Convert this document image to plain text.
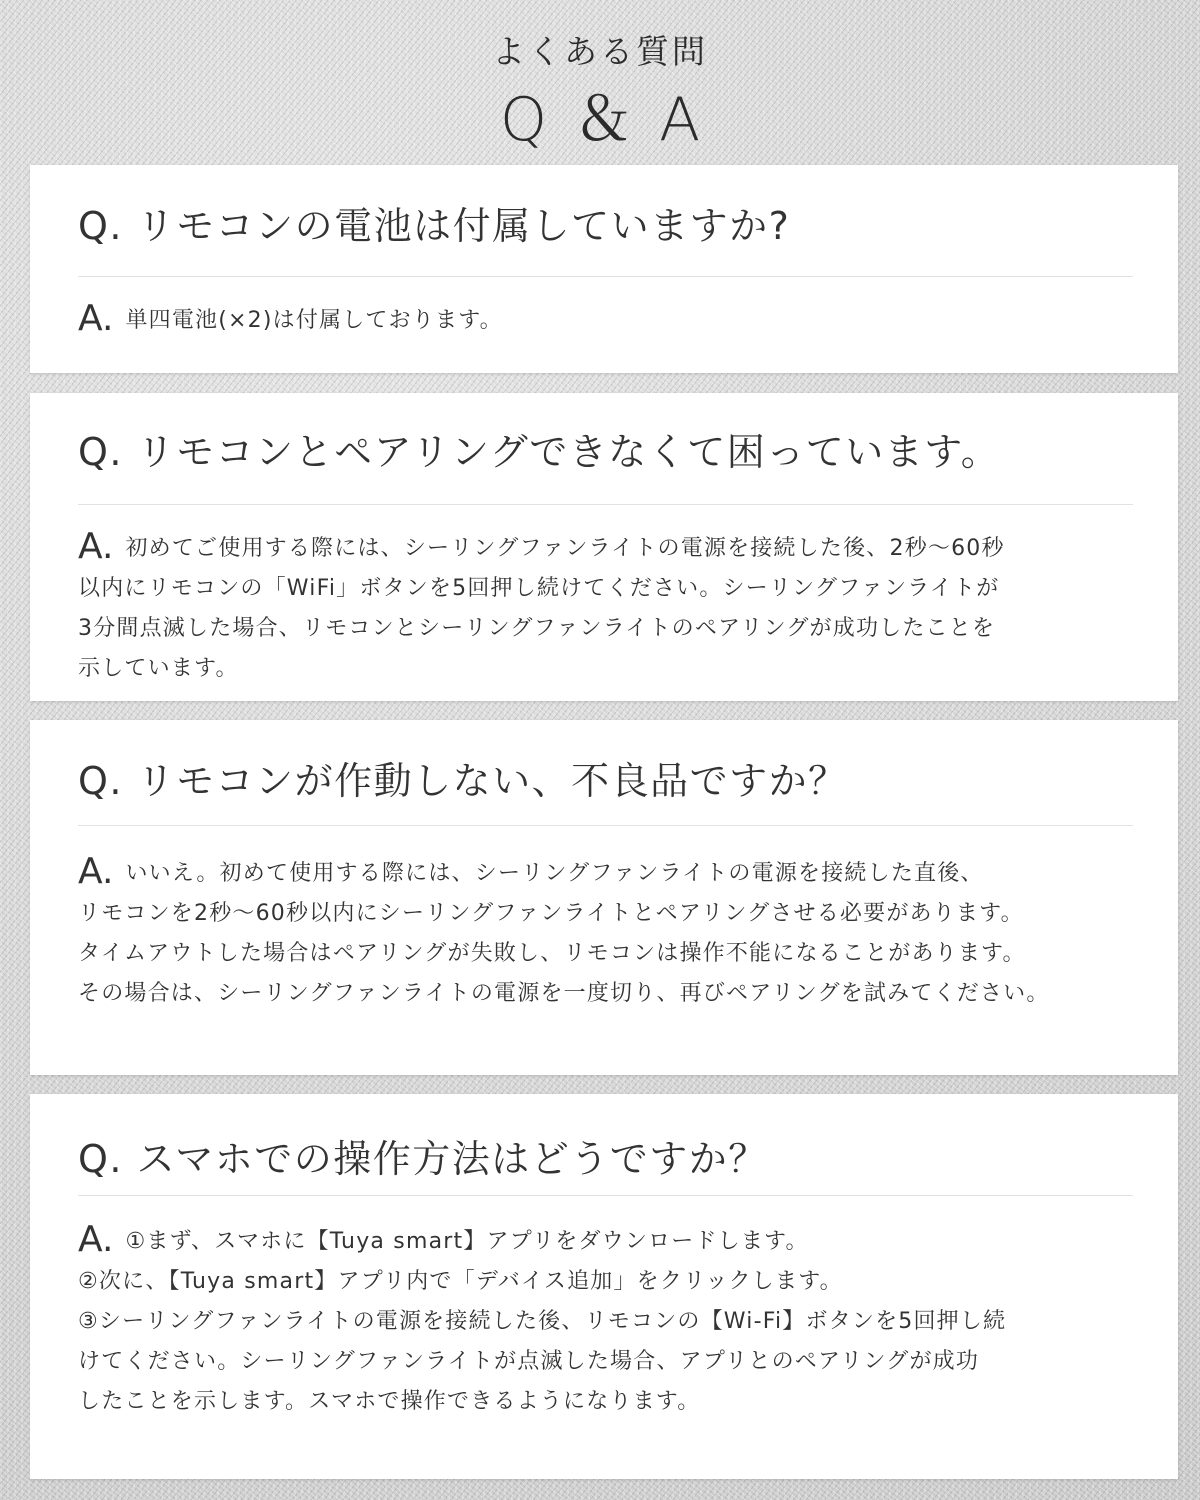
よくある質問
Q＆A
Q. リモコンの電池は付属していますか?
A. 単四電池(×2)は付属しております。
Q. リモコンとペアリングできなくて困っています。
A. 初めてご使用する際には、シーリングファンライトの電源を接続した後、2秒～60秒
以内にリモコンの「WiFi」ボタンを5回押し続けてください。シーリングファンライトが
3分間点滅した場合、リモコンとシーリングファンライトのペアリングが成功したことを
示しています。
Q. リモコンが作動しない、不良品ですか？
A. いいえ。初めて使用する際には、シーリングファンライトの電源を接続した直後、
リモコンを2秒～60秒以内にシーリングファンライトとペアリングさせる必要があります。
タイムアウトした場合はペアリングが失敗し、リモコンは操作不能になることがあります。
その場合は、シーリングファンライトの電源を一度切り、再びペアリングを試みてください。
Q. スマホでの操作方法はどうですか？
A. ①まず、スマホに【Tuya smart】アプリをダウンロードします。
②次に、【Tuya smart】アプリ内で「デバイス追加」をクリックします。
③シーリングファンライトの電源を接続した後、リモコンの【Wi-Fi】ボタンを5回押し続
けてください。シーリングファンライトが点滅した場合、アプリとのペアリングが成功
したことを示します。スマホで操作できるようになります。
